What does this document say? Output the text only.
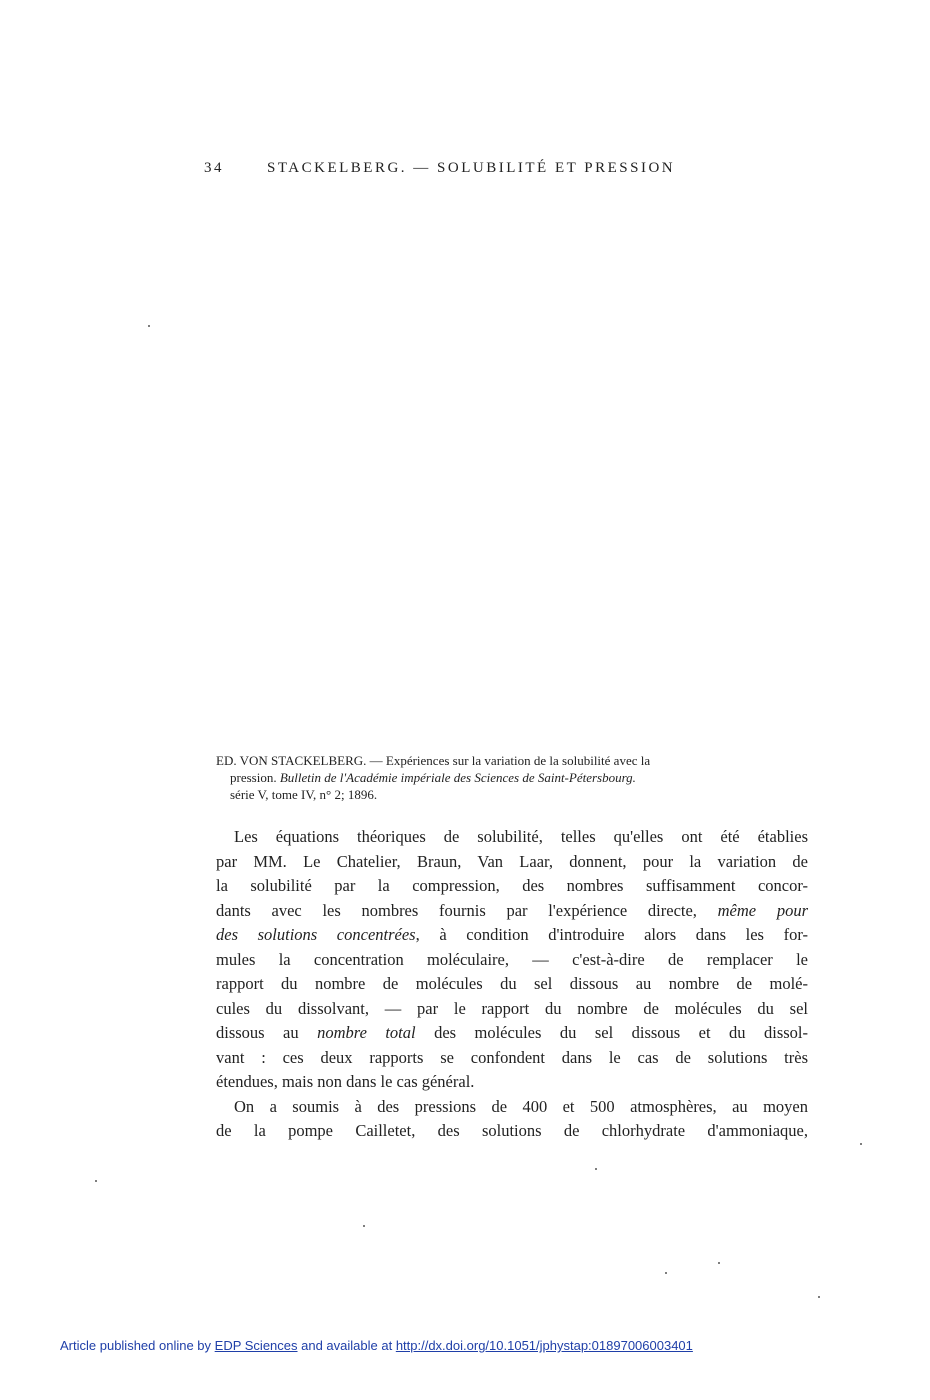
34	STACKELBERG. — SOLUBILITÉ ET PRESSION
ED. VON STACKELBERG. — Expériences sur la variation de la solubilité avec la
pression. Bulletin de l'Académie impériale des Sciences de Saint-Pétersbourg.
série V, tome IV, n° 2; 1896.
Les équations théoriques de solubilité, telles qu'elles ont été établies
par MM. Le Chatelier, Braun, Van Laar, donnent, pour la variation de
la solubilité par la compression, des nombres suffisamment concor-
dants avec les nombres fournis par l'expérience directe, même pour
des solutions concentrées, à condition d'introduire alors dans les for-
mules la concentration moléculaire, — c'est-à-dire de remplacer le
rapport du nombre de molécules du sel dissous au nombre de molé-
cules du dissolvant, — par le rapport du nombre de molécules du sel
dissous au nombre total des molécules du sel dissous et du dissol-
vant : ces deux rapports se confondent dans le cas de solutions très
étendues, mais non dans le cas général.
On a soumis à des pressions de 400 et 500 atmosphères, au moyen
de la pompe Cailletet, des solutions de chlorhydrate d'ammoniaque,
Article published online by EDP Sciences and available at http://dx.doi.org/10.1051/jphystap:01897006003401
